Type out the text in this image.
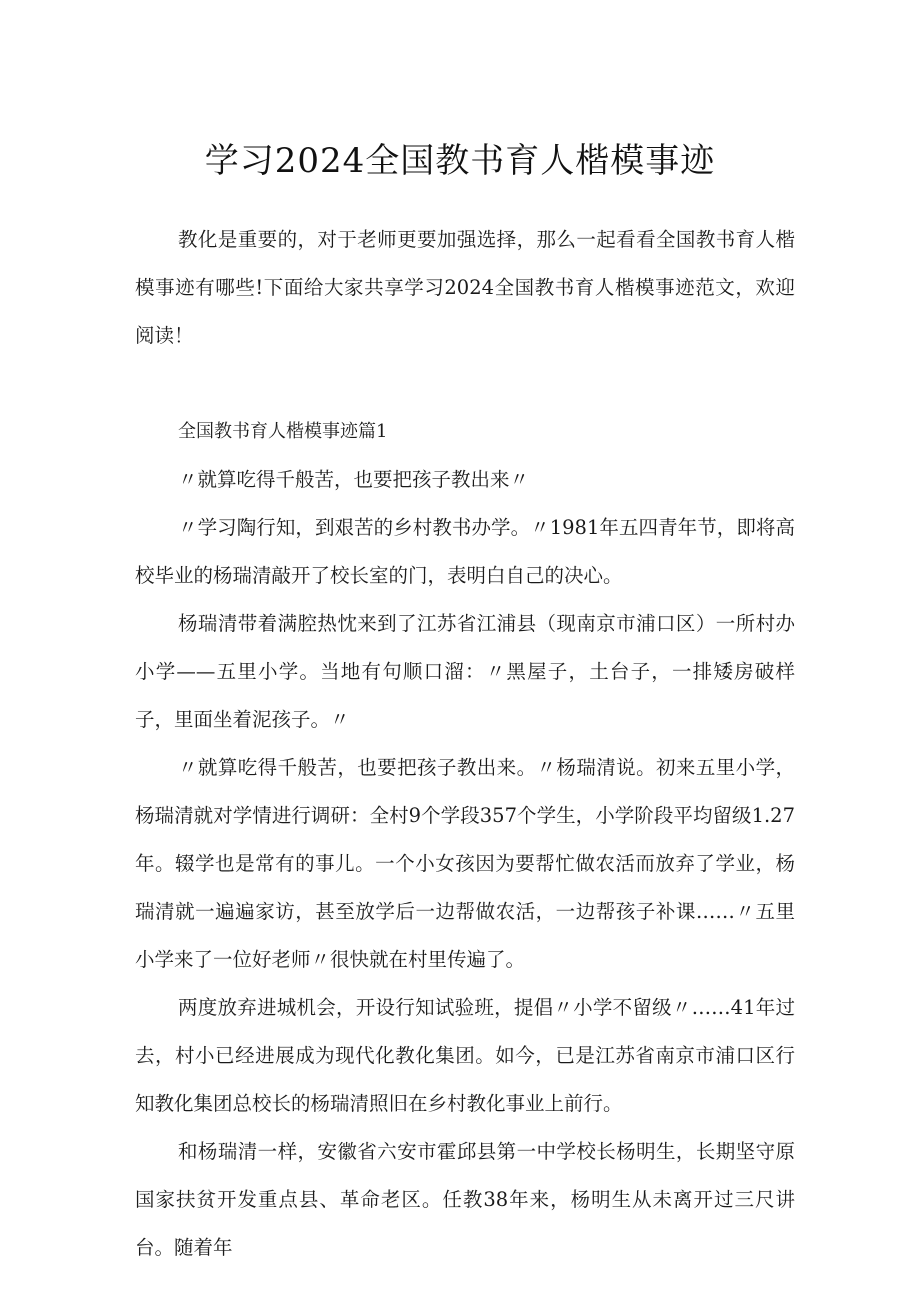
学习2024全国教书育人楷模事迹

教化是重要的，对于老师更要加强选择，那么一起看看全国教书育人楷模事迹有哪些!下面给大家共享学习2024全国教书育人楷模事迹范文，欢迎阅读！

全国教书育人楷模事迹篇1

〃就算吃得千般苦，也要把孩子教出来〃

〃学习陶行知，到艰苦的乡村教书办学。〃1981年五四青年节，即将高校毕业的杨瑞清敲开了校长室的门，表明白自己的决心。

杨瑞清带着满腔热忱来到了江苏省江浦县（现南京市浦口区）一所村办小学——五里小学。当地有句顺口溜：〃黑屋子，土台子，一排矮房破样子，里面坐着泥孩子。〃

〃就算吃得千般苦，也要把孩子教出来。〃杨瑞清说。初来五里小学，杨瑞清就对学情进行调研：全村9个学段357个学生，小学阶段平均留级1.27年。辍学也是常有的事儿。一个小女孩因为要帮忙做农活而放弃了学业，杨瑞清就一遍遍家访，甚至放学后一边帮做农活，一边帮孩子补课……〃五里小学来了一位好老师〃很快就在村里传遍了。

两度放弃进城机会，开设行知试验班，提倡〃小学不留级〃……41年过去，村小已经进展成为现代化教化集团。如今，已是江苏省南京市浦口区行知教化集团总校长的杨瑞清照旧在乡村教化事业上前行。

和杨瑞清一样，安徽省六安市霍邱县第一中学校长杨明生，长期坚守原国家扶贫开发重点县、革命老区。任教38年来，杨明生从未离开过三尺讲台。随着年
